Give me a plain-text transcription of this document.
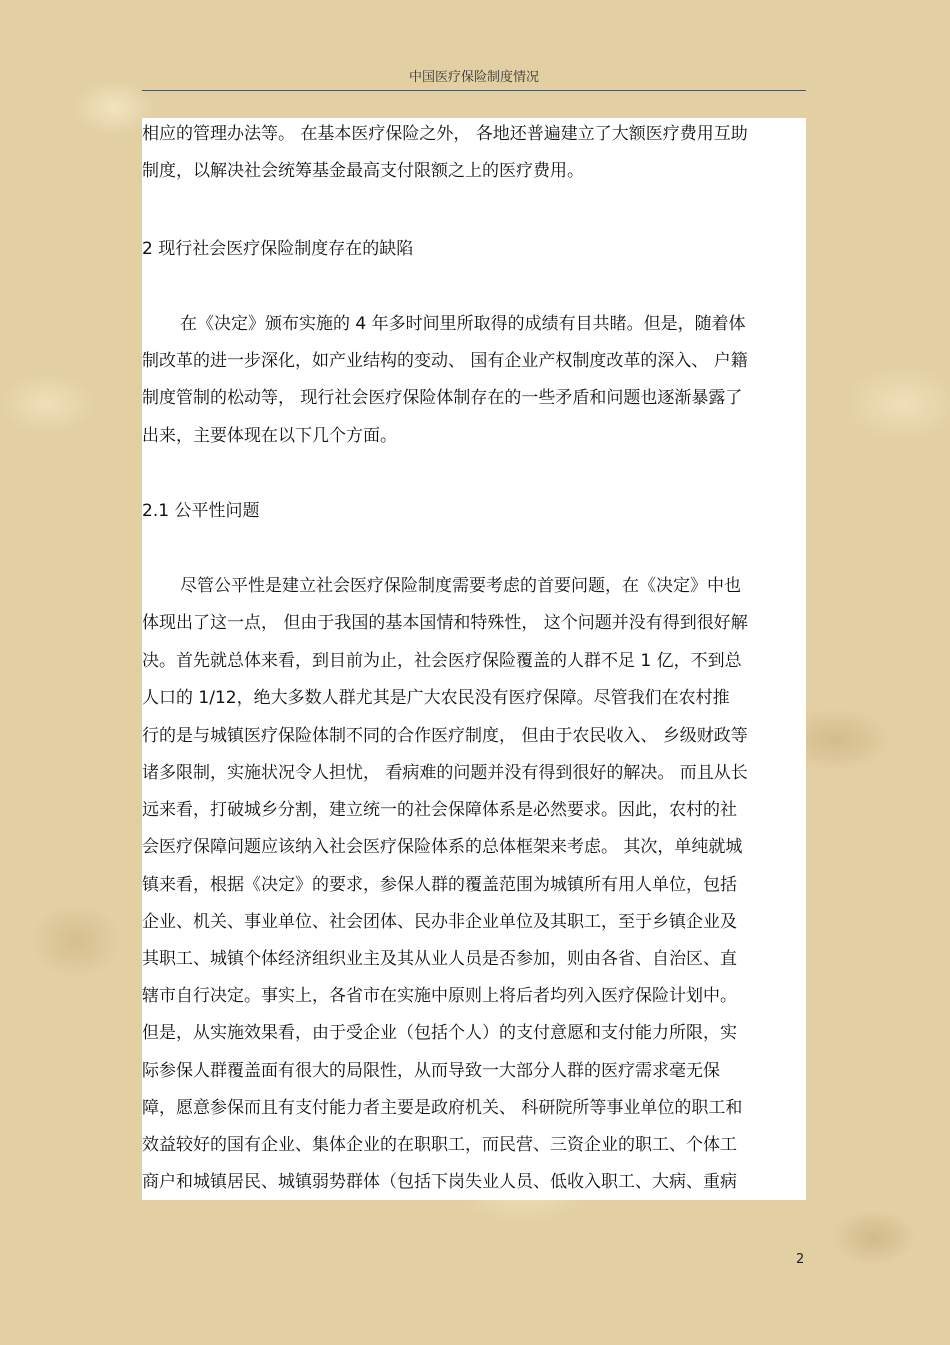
中国医疗保险制度情况
相应的管理办法等。 在基本医疗保险之外， 各地还普遍建立了大额医疗费用互助
制度，以解决社会统筹基金最高支付限额之上的医疗费用。
2 现行社会医疗保险制度存在的缺陷
在《决定》颁布实施的 4 年多时间里所取得的成绩有目共睹。但是，随着体
制改革的进一步深化，如产业结构的变动、 国有企业产权制度改革的深入、 户籍
制度管制的松动等， 现行社会医疗保险体制存在的一些矛盾和问题也逐渐暴露了
出来，主要体现在以下几个方面。
2.1 公平性问题
尽管公平性是建立社会医疗保险制度需要考虑的首要问题，在《决定》中也
体现出了这一点， 但由于我国的基本国情和特殊性， 这个问题并没有得到很好解
决。首先就总体来看，到目前为止，社会医疗保险覆盖的人群不足 1 亿，不到总
人口的 1/12，绝大多数人群尤其是广大农民没有医疗保障。尽管我们在农村推
行的是与城镇医疗保险体制不同的合作医疗制度， 但由于农民收入、 乡级财政等
诸多限制，实施状况令人担忧， 看病难的问题并没有得到很好的解决。 而且从长
远来看，打破城乡分割，建立统一的社会保障体系是必然要求。因此，农村的社
会医疗保障问题应该纳入社会医疗保险体系的总体框架来考虑。 其次，单纯就城
镇来看，根据《决定》的要求，参保人群的覆盖范围为城镇所有用人单位，包括
企业、机关、事业单位、社会团体、民办非企业单位及其职工，至于乡镇企业及
其职工、城镇个体经济组织业主及其从业人员是否参加，则由各省、自治区、直
辖市自行决定。事实上，各省市在实施中原则上将后者均列入医疗保险计划中。
但是，从实施效果看，由于受企业（包括个人）的支付意愿和支付能力所限，实
际参保人群覆盖面有很大的局限性，从而导致一大部分人群的医疗需求毫无保
障，愿意参保而且有支付能力者主要是政府机关、 科研院所等事业单位的职工和
效益较好的国有企业、集体企业的在职职工，而民营、三资企业的职工、个体工
商户和城镇居民、城镇弱势群体（包括下岗失业人员、低收入职工、大病、重病
2
